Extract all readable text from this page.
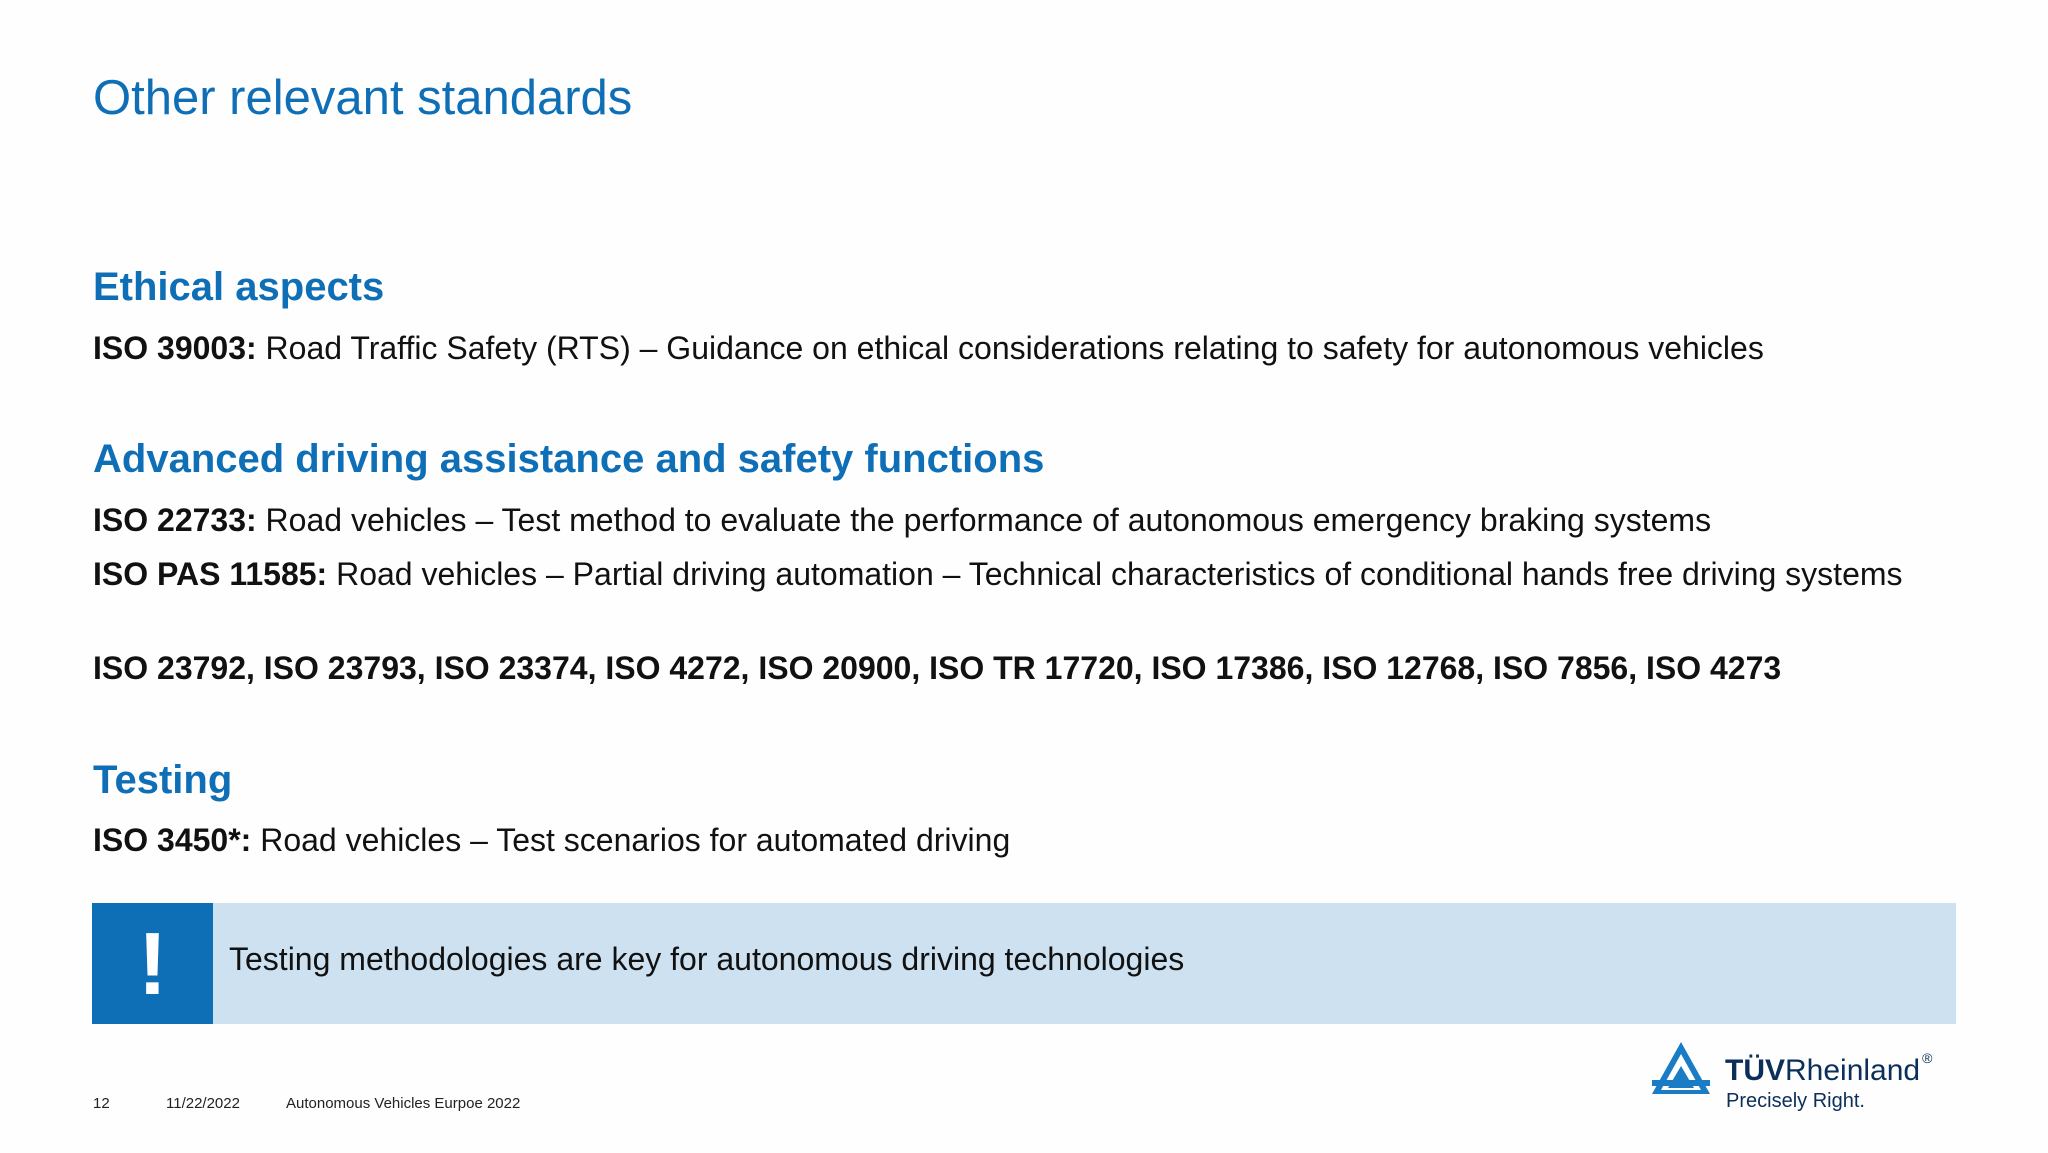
Other relevant standards
Ethical aspects
ISO 39003: Road Traffic Safety (RTS) – Guidance on ethical considerations relating to safety for autonomous vehicles
Advanced driving assistance and safety functions
ISO 22733: Road vehicles – Test method to evaluate the performance of autonomous emergency braking systems
ISO PAS 11585: Road vehicles – Partial driving automation – Technical characteristics of conditional hands free driving systems
ISO 23792, ISO 23793, ISO 23374, ISO 4272, ISO 20900, ISO TR 17720, ISO 17386, ISO 12768, ISO 7856, ISO 4273
Testing
ISO 3450*: Road vehicles – Test scenarios for automated driving
!	Testing methodologies are key for autonomous driving technologies
12	11/22/2022	Autonomous Vehicles Eurpoe 2022
TÜVRheinland ®
Precisely Right.
